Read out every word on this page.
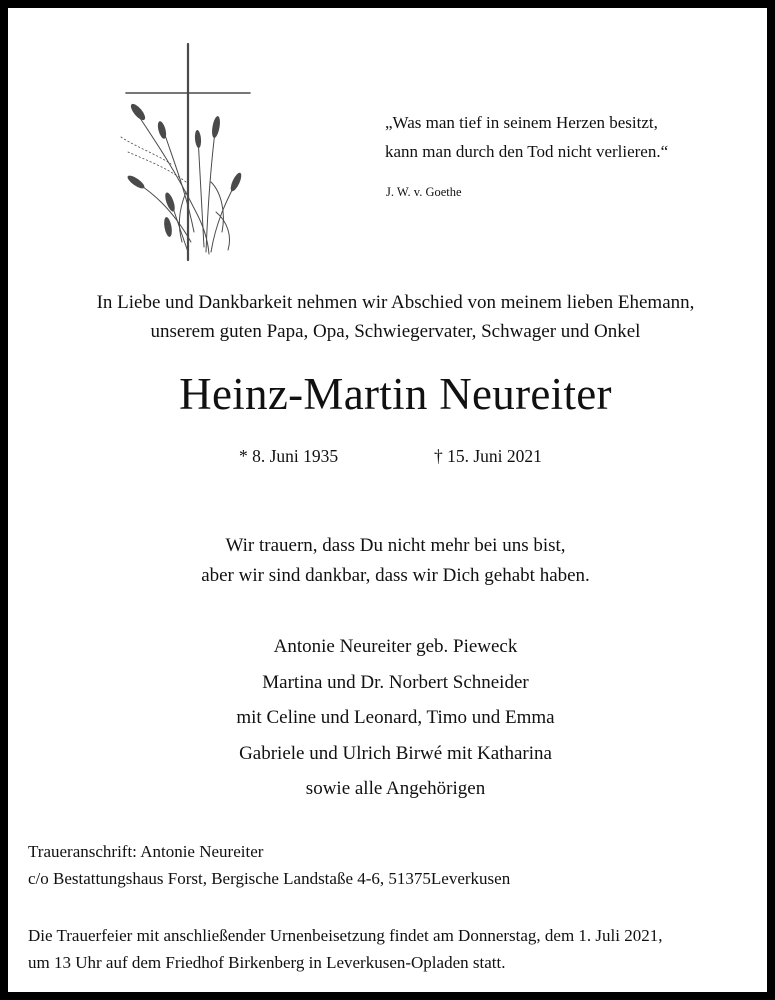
„Was man tief in seinem Herzen besitzt,
kann man durch den Tod nicht verlieren.“
J. W. v. Goethe
In Liebe und Dankbarkeit nehmen wir Abschied von meinem lieben Ehemann,
unserem guten Papa, Opa, Schwiegervater, Schwager und Onkel
Heinz-Martin Neureiter
* 8. Juni 1935	† 15. Juni 2021
Wir trauern, dass Du nicht mehr bei uns bist,
aber wir sind dankbar, dass wir Dich gehabt haben.
Antonie Neureiter geb. Pieweck
Martina und Dr. Norbert Schneider
mit Celine und Leonard, Timo und Emma
Gabriele und Ulrich Birwé mit Katharina
sowie alle Angehörigen
Traueranschrift: Antonie Neureiter
c/o Bestattungshaus Forst, Bergische Landstaße 4-6, 51375Leverkusen
Die Trauerfeier mit anschließender Urnenbeisetzung findet am Donnerstag, dem 1. Juli 2021,
um 13 Uhr auf dem Friedhof Birkenberg in Leverkusen-Opladen statt.
